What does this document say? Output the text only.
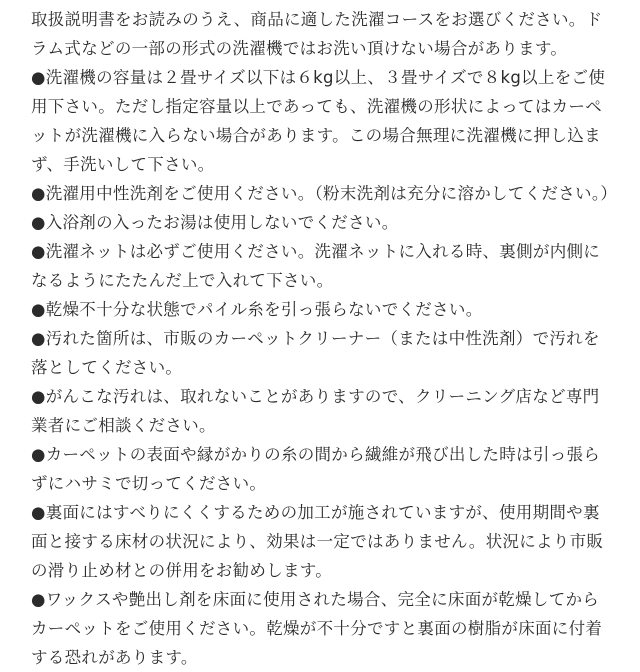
取扱説明書をお読みのうえ、商品に適した洗濯コースをお選びください。ド
ラム式などの一部の形式の洗濯機ではお洗い頂けない場合があります。
●洗濯機の容量は２畳サイズ以下は６kg以上、３畳サイズで８kg以上をご使
用下さい。ただし指定容量以上であっても、洗濯機の形状によってはカーペ
ットが洗濯機に入らない場合があります。この場合無理に洗濯機に押し込ま
ず、手洗いして下さい。
●洗濯用中性洗剤をご使用ください。（粉末洗剤は充分に溶かしてください。）
●入浴剤の入ったお湯は使用しないでください。
●洗濯ネットは必ずご使用ください。洗濯ネットに入れる時、裏側が内側に
なるようにたたんだ上で入れて下さい。
●乾燥不十分な状態でパイル糸を引っ張らないでください。
●汚れた箇所は、市販のカーペットクリーナー（または中性洗剤）で汚れを
落としてください。
●がんこな汚れは、取れないことがありますので、クリーニング店など専門
業者にご相談ください。
●カーペットの表面や縁がかりの糸の間から繊維が飛び出した時は引っ張ら
ずにハサミで切ってください。
●裏面にはすべりにくくするための加工が施されていますが、使用期間や裏
面と接する床材の状況により、効果は一定ではありません。状況により市販
の滑り止め材との併用をお勧めします。
●ワックスや艶出し剤を床面に使用された場合、完全に床面が乾燥してから
カーペットをご使用ください。乾燥が不十分ですと裏面の樹脂が床面に付着
する恐れがあります。
